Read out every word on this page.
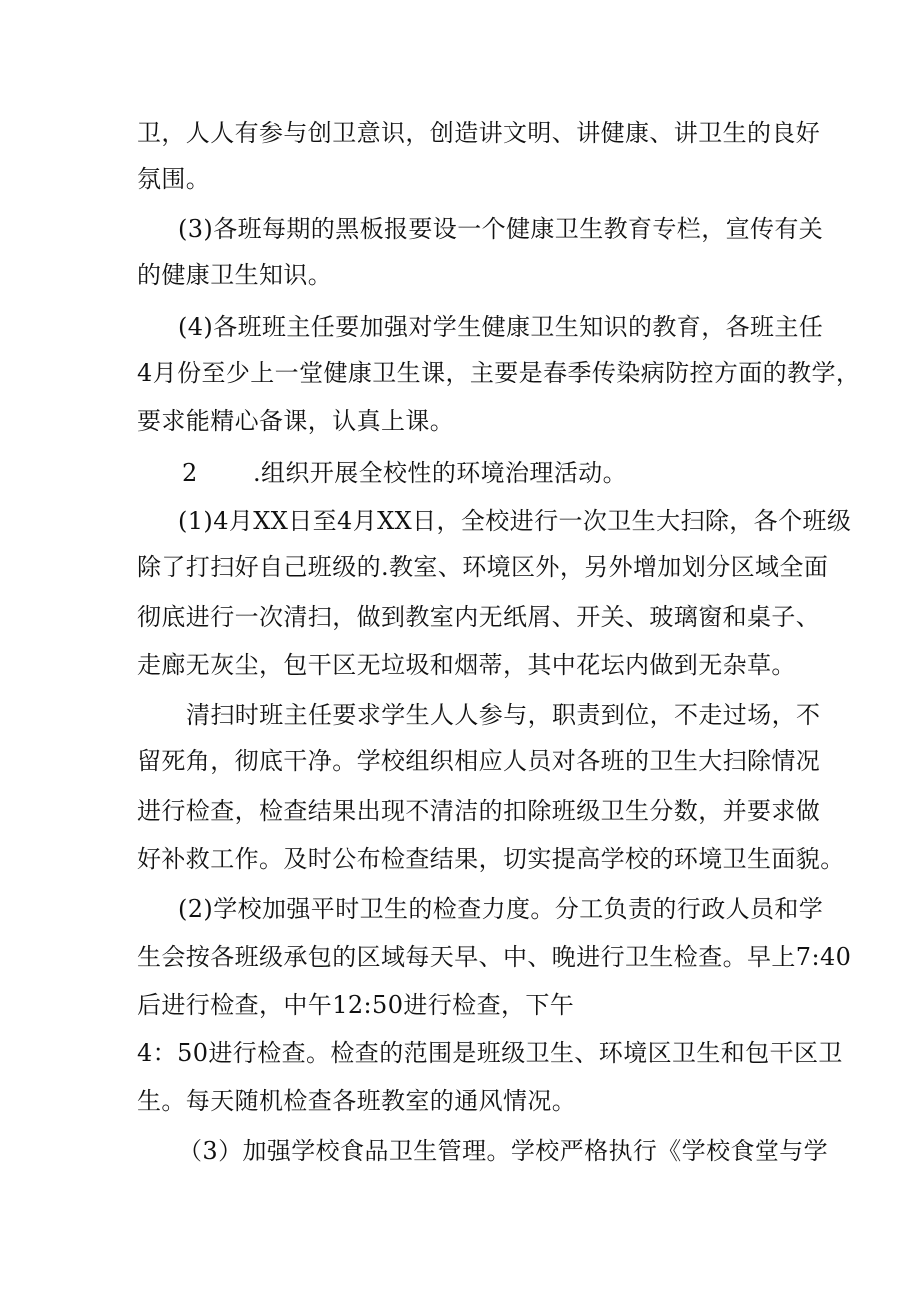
卫，人人有参与创卫意识，创造讲文明、讲健康、讲卫生的良好
氛围。
(3)各班每期的黑板报要设一个健康卫生教育专栏，宣传有关
的健康卫生知识。
(4)各班班主任要加强对学生健康卫生知识的教育，各班主任
4月份至少上一堂健康卫生课，主要是春季传染病防控方面的教学，
要求能精心备课，认真上课。
2 .组织开展全校性的环境治理活动。
(1)4月XX日至4月XX日，全校进行一次卫生大扫除，各个班级
除了打扫好自己班级的.教室、环境区外，另外增加划分区域全面
彻底进行一次清扫，做到教室内无纸屑、开关、玻璃窗和桌子、
走廊无灰尘，包干区无垃圾和烟蒂，其中花坛内做到无杂草。
清扫时班主任要求学生人人参与，职责到位，不走过场，不
留死角，彻底干净。学校组织相应人员对各班的卫生大扫除情况
进行检查，检查结果出现不清洁的扣除班级卫生分数，并要求做
好补救工作。及时公布检查结果，切实提高学校的环境卫生面貌。
(2)学校加强平时卫生的检查力度。分工负责的行政人员和学
生会按各班级承包的区域每天早、中、晚进行卫生检查。早上7:40
后进行检查，中午12:50进行检查，下午
4：50进行检查。检查的范围是班级卫生、环境区卫生和包干区卫
生。每天随机检查各班教室的通风情况。
（3）加强学校食品卫生管理。学校严格执行《学校食堂与学
